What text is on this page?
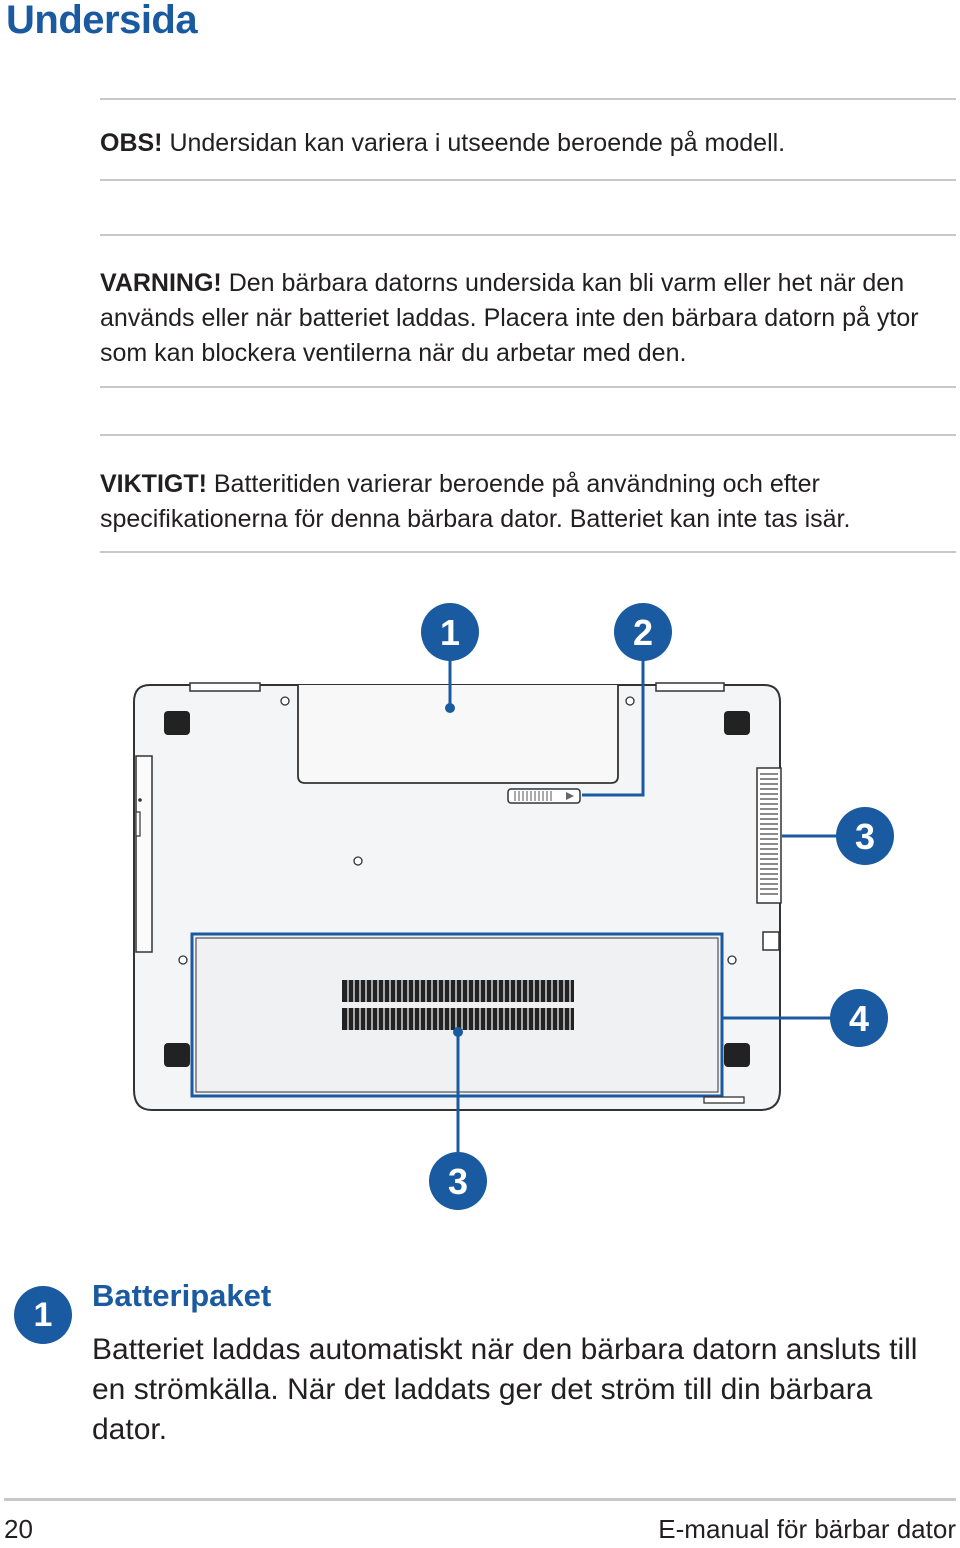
Undersida
OBS! Undersidan kan variera i utseende beroende på modell.
VARNING! Den bärbara datorns undersida kan bli varm eller het när den används eller när batteriet laddas. Placera inte den bärbara datorn på ytor som kan blockera ventilerna när du arbetar med den.
VIKTIGT! Batteritiden varierar beroende på användning och efter specifikationerna för denna bärbara dator. Batteriet kan inte tas isär.
1	2
3
4
3
1
Batteripaket

Batteriet laddas automatiskt när den bärbara datorn ansluts till en strömkälla. När det laddats ger det ström till din bärbara dator.

20	E-manual för bärbar dator
